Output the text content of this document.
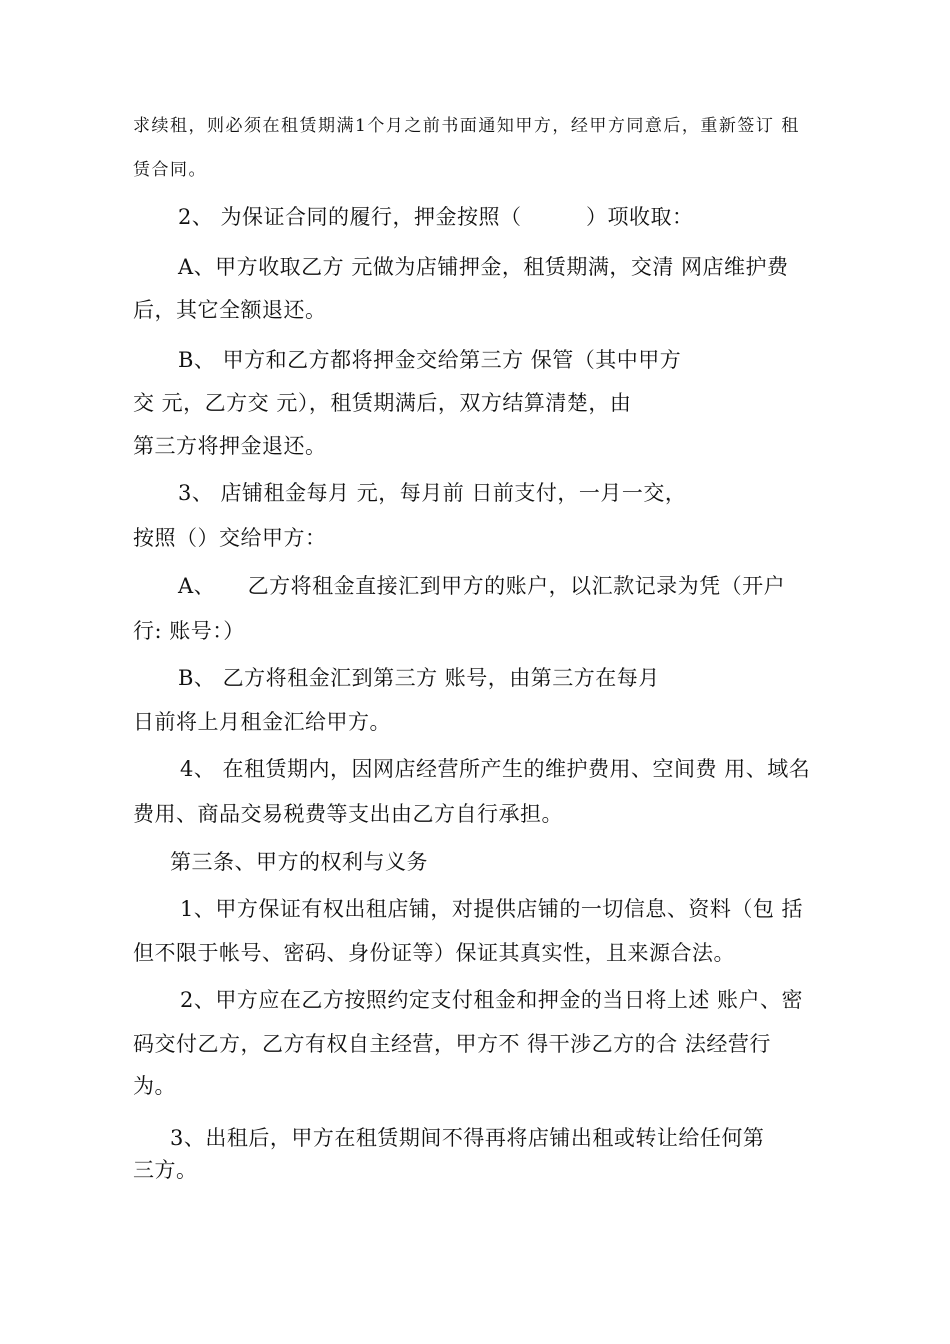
求续租，则必须在租赁期满1个月之前书面通知甲方，经甲方同意后，重新签订 租
赁合同。
2、 为保证合同的履行，押金按照（　　　）项收取：
A、甲方收取乙方 元做为店铺押金，租赁期满，交清 网店维护费
后，其它全额退还。
B、 甲方和乙方都将押金交给第三方 保管（其中甲方
交 元，乙方交 元），租赁期满后，双方结算清楚，由
第三方将押金退还。
3、 店铺租金每月 元，每月前 日前支付，一月一交，
按照（）交给甲方：
A、　　乙方将租金直接汇到甲方的账户，以汇款记录为凭（开户
行: 账号：）
B、 乙方将租金汇到第三方 账号，由第三方在每月
日前将上月租金汇给甲方。
4、 在租赁期内，因网店经营所产生的维护费用、空间费 用、域名
费用、商品交易税费等支出由乙方自行承担。
第三条、甲方的权利与义务
1、甲方保证有权出租店铺，对提供店铺的一切信息、资料（包 括
但不限于帐号、密码、身份证等）保证其真实性，且来源合法。
2、甲方应在乙方按照约定支付租金和押金的当日将上述 账户、密
码交付乙方，乙方有权自主经营，甲方不 得干涉乙方的合 法经营行
为。
3、出租后，甲方在租赁期间不得再将店铺出租或转让给任何第
三方。
